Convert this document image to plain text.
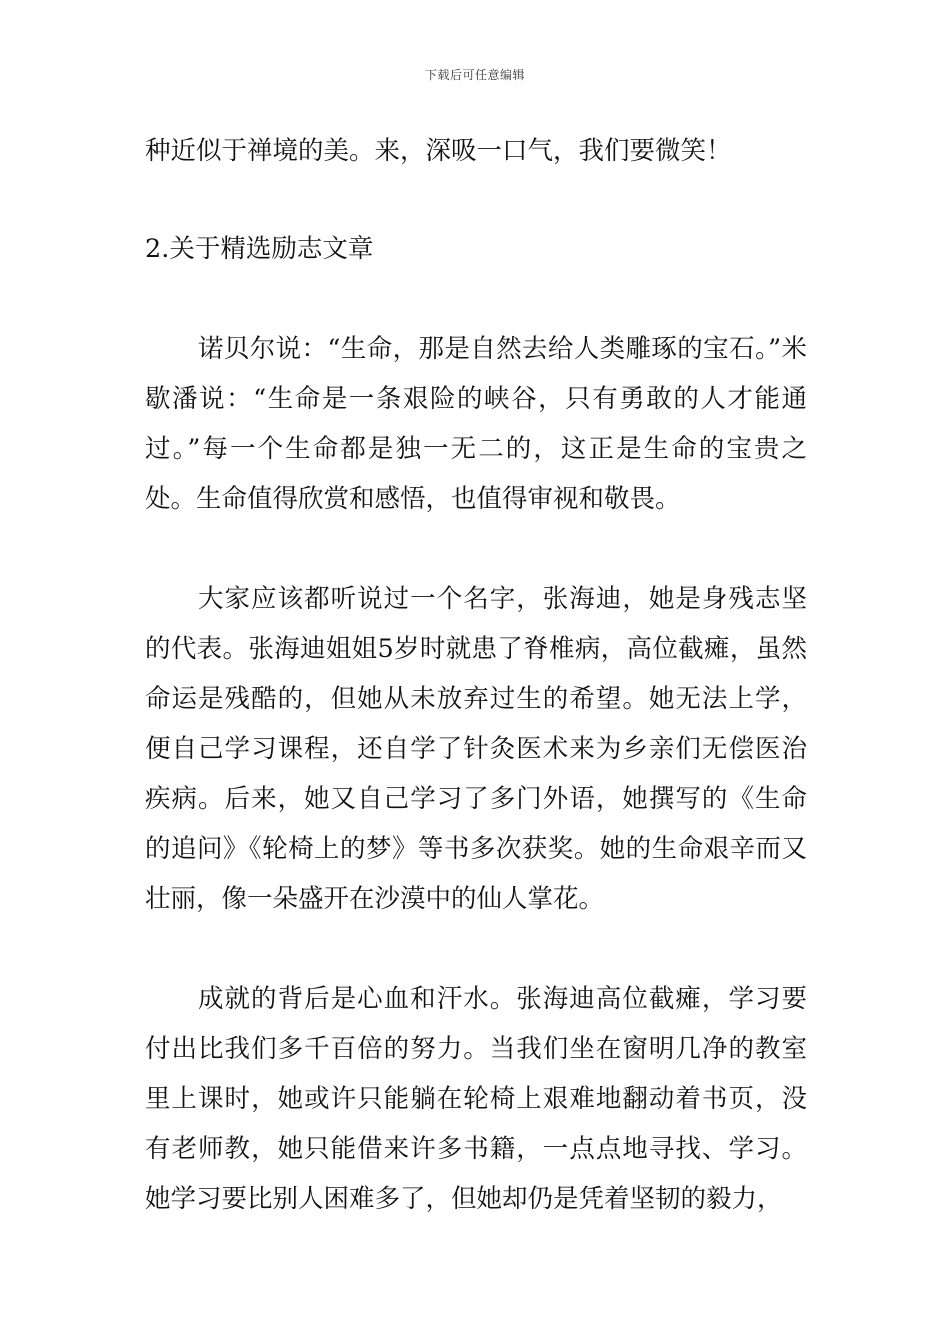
下载后可任意编辑

种近似于禅境的美。来，深吸一口气，我们要微笑！

2.关于精选励志文章

诺贝尔说：“生命，那是自然去给人类雕琢的宝石。”米歇潘说：“生命是一条艰险的峡谷，只有勇敢的人才能通过。”每一个生命都是独一无二的，这正是生命的宝贵之处。生命值得欣赏和感悟，也值得审视和敬畏。

大家应该都听说过一个名字，张海迪，她是身残志坚的代表。张海迪姐姐5岁时就患了脊椎病，高位截瘫，虽然命运是残酷的，但她从未放弃过生的希望。她无法上学，便自己学习课程，还自学了针灸医术来为乡亲们无偿医治疾病。后来，她又自己学习了多门外语，她撰写的《生命的追问》《轮椅上的梦》等书多次获奖。她的生命艰辛而又壮丽，像一朵盛开在沙漠中的仙人掌花。

成就的背后是心血和汗水。张海迪高位截瘫，学习要付出比我们多千百倍的努力。当我们坐在窗明几净的教室里上课时，她或许只能躺在轮椅上艰难地翻动着书页，没有老师教，她只能借来许多书籍，一点点地寻找、学习。她学习要比别人困难多了，但她却仍是凭着坚韧的毅力，
